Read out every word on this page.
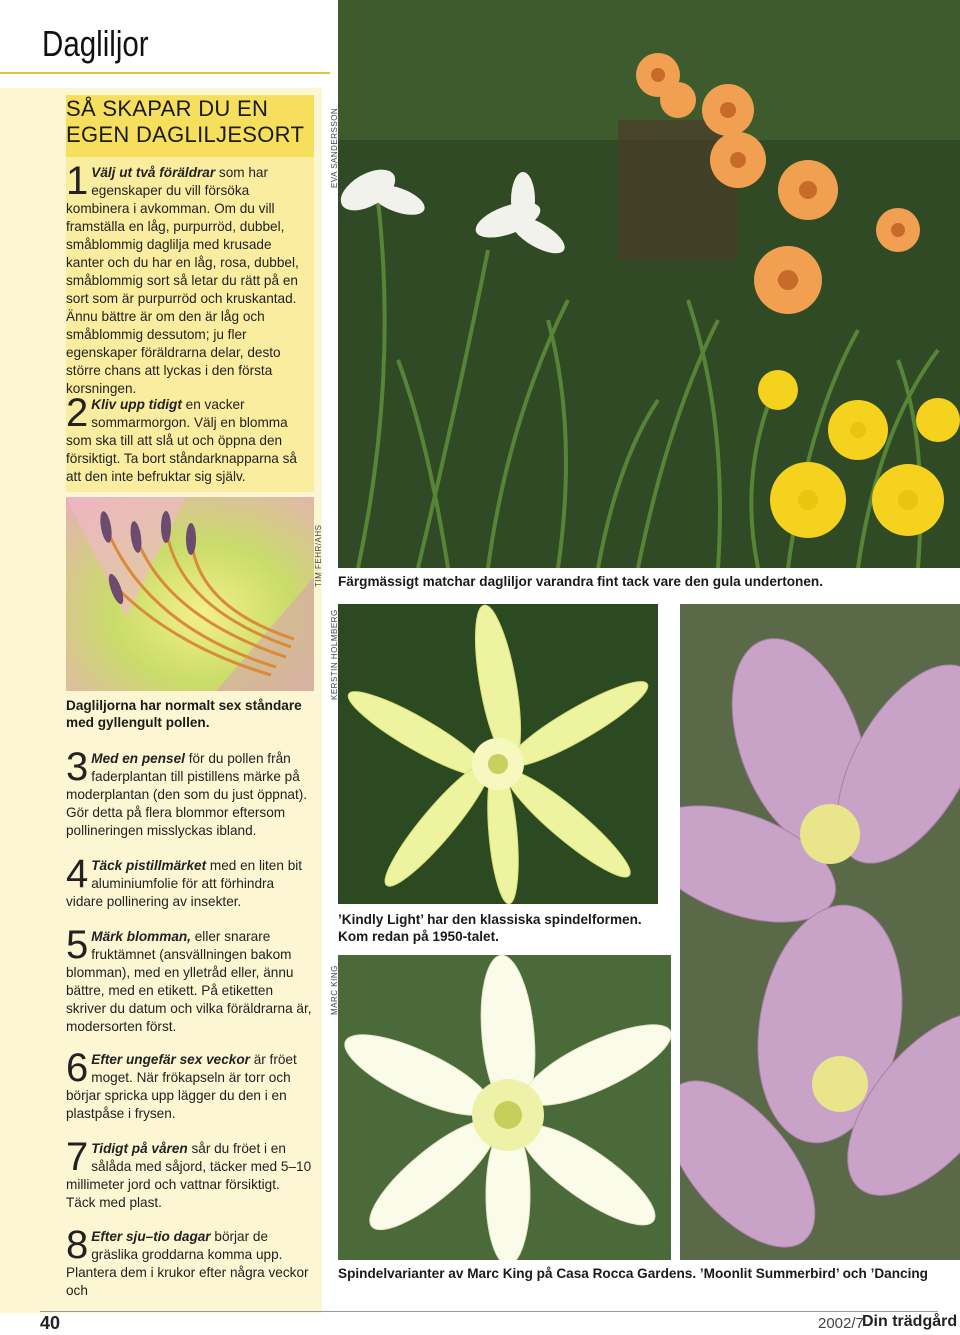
Dagliljor
SÅ SKAPAR DU EN
EGEN DAGLILJESORT
1 Välj ut två föräldrar som har egenskaper du vill försöka kombinera i avkomman. Om du vill framställa en låg, purpurröd, dubbel, småblommig daglilja med krusade kanter och du har en låg, rosa, dubbel, småblommig sort så letar du rätt på en sort som är purpurröd och kruskantad. Ännu bättre är om den är låg och småblommig dessutom; ju fler egenskaper föräldrarna delar, desto större chans att lyckas i den första korsningen.
2 Kliv upp tidigt en vacker sommarmorgon. Välj en blomma som ska till att slå ut och öppna den försiktigt. Ta bort ståndarknapparna så att den inte befruktar sig själv.
TIM FEHR/AHS
Dagliljorna har normalt sex ståndare med gyllengult pollen.
3 Med en pensel för du pollen från faderplantan till pistillens märke på moderplantan (den som du just öppnat). Gör detta på flera blommor eftersom pollineringen misslyckas ibland.
4 Täck pistillmärket med en liten bit aluminiumfolie för att förhindra vidare pollinering av insekter.
5 Märk blomman, eller snarare fruktämnet (ansvällningen bakom blomman), med en ylletråd eller, ännu bättre, med en etikett. På etiketten skriver du datum och vilka föräldrarna är, modersorten först.
6 Efter ungefär sex veckor är fröet moget. När frökapseln är torr och börjar spricka upp lägger du den i en plastpåse i frysen.
7 Tidigt på våren sår du fröet i en sålåda med såjord, täcker med 5–10 millimeter jord och vattnar försiktigt. Täck med plast.
8 Efter sju–tio dagar börjar de gräslika groddarna komma upp. Plantera dem i krukor efter några veckor och
EVA SANDERSSON
Färgmässigt matchar dagliljor varandra fint tack vare den gula undertonen.
KERSTIN HOLMBERG
’Kindly Light’ har den klassiska spindelformen. Kom redan på 1950-talet.
MARC KING
Spindelvarianter av Marc King på Casa Rocca Gardens. ’Moonlit Summerbird’ och ’Dancing
40	2002/7
Din trädgård
